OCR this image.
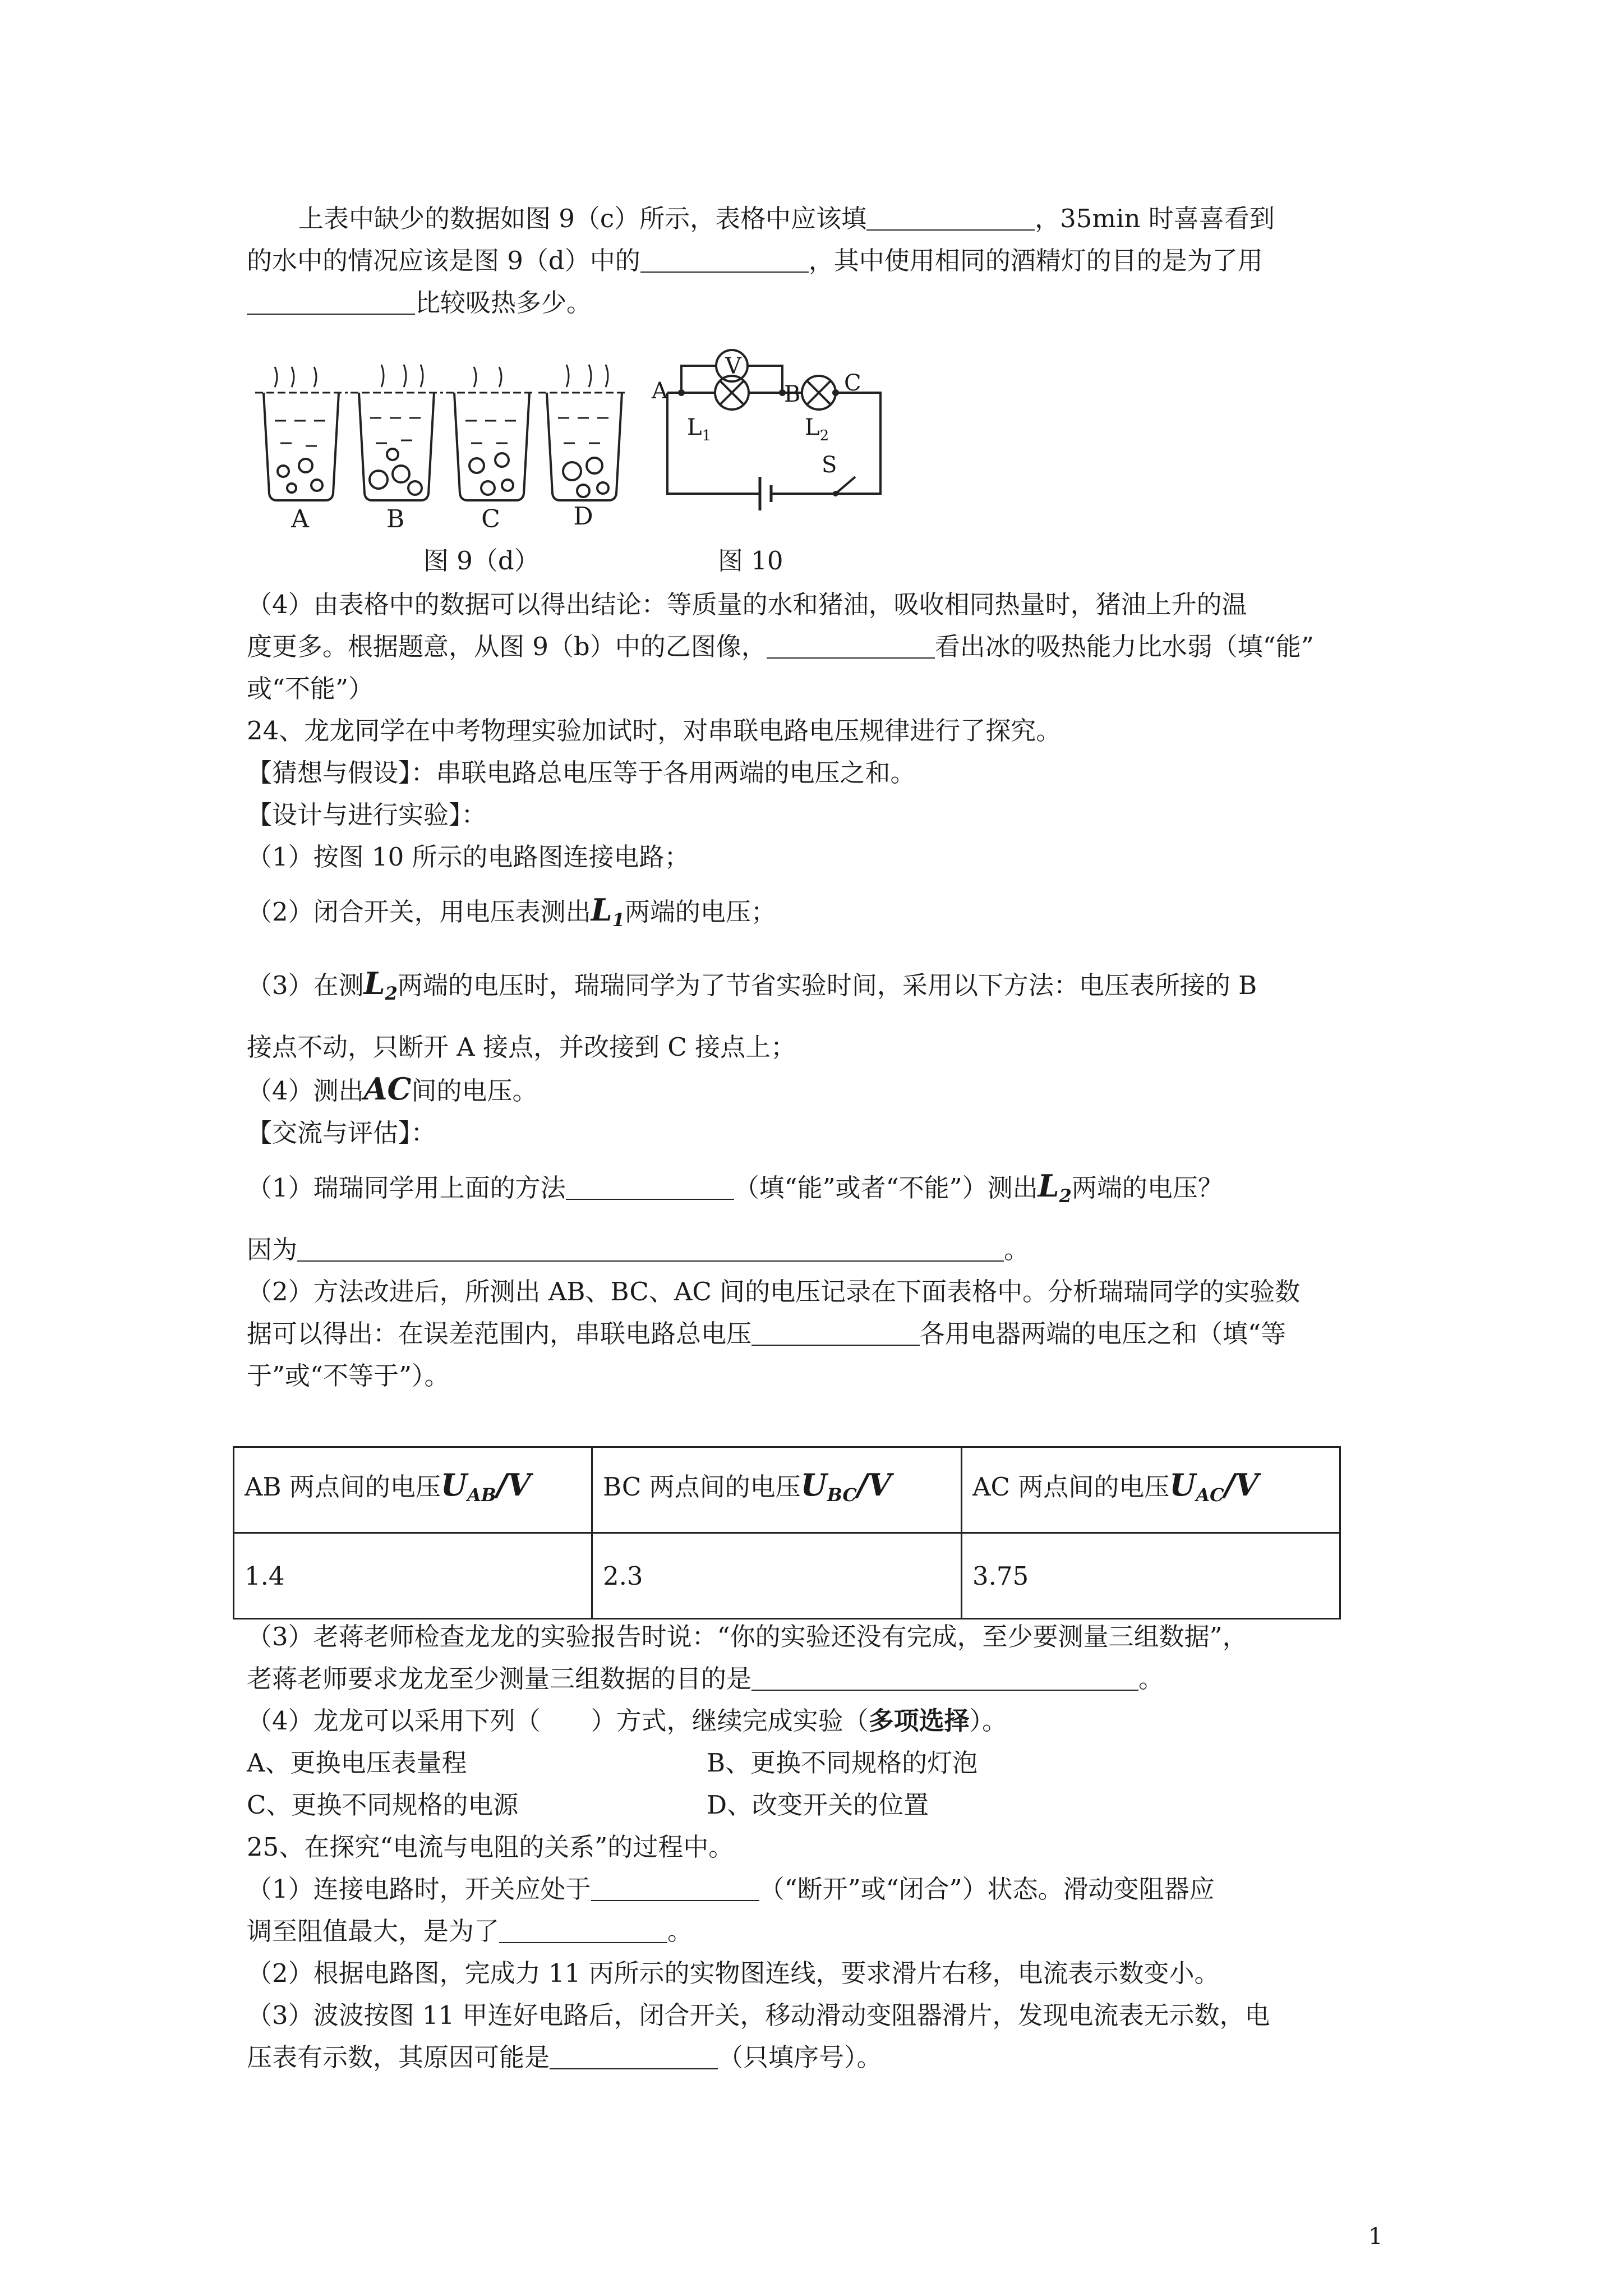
上表中缺少的数据如图 9（c）所示，表格中应该填	，35min 时喜喜看到

的水中的情况应该是图 9（d）中的	，其中使用相同的酒精灯的目的是为了用

比较吸热多少。

A	B	C	D
V
A	B C
$L_1$	$L_2$
S
图 9（d）	图 10

（4）由表格中的数据可以得出结论：等质量的水和猪油，吸收相同热量时，猪油上升的温

度更多。根据题意，从图 9（b）中的乙图像，	看出冰的吸热能力比水弱（填“能”

或“不能”）

24、龙龙同学在中考物理实验加试时，对串联电路电压规律进行了探究。

【猜想与假设】：串联电路总电压等于各用两端的电压之和。

【设计与进行实验】：

（1）按图 10 所示的电路图连接电路；

（2）闭合开关，用电压表测出$L_1$两端的电压；

（3）在测$L_2$两端的电压时，瑞瑞同学为了节省实验时间，采用以下方法：电压表所接的 B

接点不动，只断开 A 接点，并改接到 C 接点上；

（4）测出AC间的电压。

【交流与评估】：

（1）瑞瑞同学用上面的方法	（填“能”或者“不能”）测出$L_2$两端的电压？

因为	。

（2）方法改进后，所测出 AB、BC、AC 间的电压记录在下面表格中。分析瑞瑞同学的实验数

据可以得出：在误差范围内，串联电路总电压	各用电器两端的电压之和（填“等

于”或“不等于”）。

AB 两点间的电压$U_{AB}/V$	BC 两点间的电压$U_{BC}/V$	AC 两点间的电压$U_{AC}/V$
1.4	2.3	3.75

（3）老蒋老师检查龙龙的实验报告时说：“你的实验还没有完成，至少要测量三组数据”，

老蒋老师要求龙龙至少测量三组数据的目的是	。

（4）龙龙可以采用下列（　　）方式，继续完成实验（多项选择）。

A、更换电压表量程	B、更换不同规格的灯泡

C、更换不同规格的电源	D、改变开关的位置

25、在探究“电流与电阻的关系”的过程中。

（1）连接电路时，开关应处于	（“断开”或“闭合”）状态。滑动变阻器应

调至阻值最大，是为了	。

（2）根据电路图，完成力 11 丙所示的实物图连线，要求滑片右移，电流表示数变小。

（3）波波按图 11 甲连好电路后，闭合开关，移动滑动变阻器滑片，发现电流表无示数，电

压表有示数，其原因可能是	（只填序号）。

1
